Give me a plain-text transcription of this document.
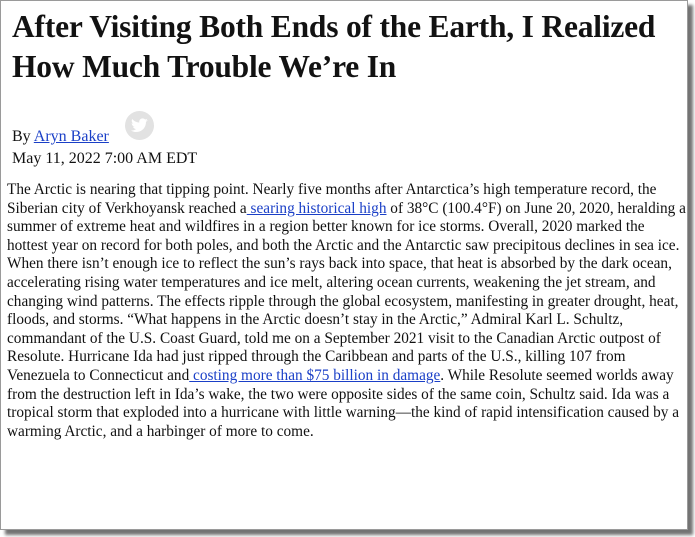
After Visiting Both Ends of the Earth, I Realized How Much Trouble We’re In
By Aryn Baker
May 11, 2022 7:00 AM EDT

The Arctic is nearing that tipping point. Nearly five months after Antarctica’s high temperature record, the Siberian city of Verkhoyansk reached a searing historical high of 38°C (100.4°F) on June 20, 2020, heralding a summer of extreme heat and wildfires in a region better known for ice storms. Overall, 2020 marked the hottest year on record for both poles, and both the Arctic and the Antarctic saw precipitous declines in sea ice. When there isn’t enough ice to reflect the sun’s rays back into space, that heat is absorbed by the dark ocean, accelerating rising water temperatures and ice melt, altering ocean currents, weakening the jet stream, and changing wind patterns. The effects ripple through the global ecosystem, manifesting in greater drought, heat, floods, and storms. “What happens in the Arctic doesn’t stay in the Arctic,” Admiral Karl L. Schultz, commandant of the U.S. Coast Guard, told me on a September 2021 visit to the Canadian Arctic outpost of Resolute. Hurricane Ida had just ripped through the Caribbean and parts of the U.S., killing 107 from Venezuela to Connecticut and costing more than $75 billion in damage. While Resolute seemed worlds away from the destruction left in Ida’s wake, the two were opposite sides of the same coin, Schultz said. Ida was a tropical storm that exploded into a hurricane with little warning—the kind of rapid intensification caused by a warming Arctic, and a harbinger of more to come.
